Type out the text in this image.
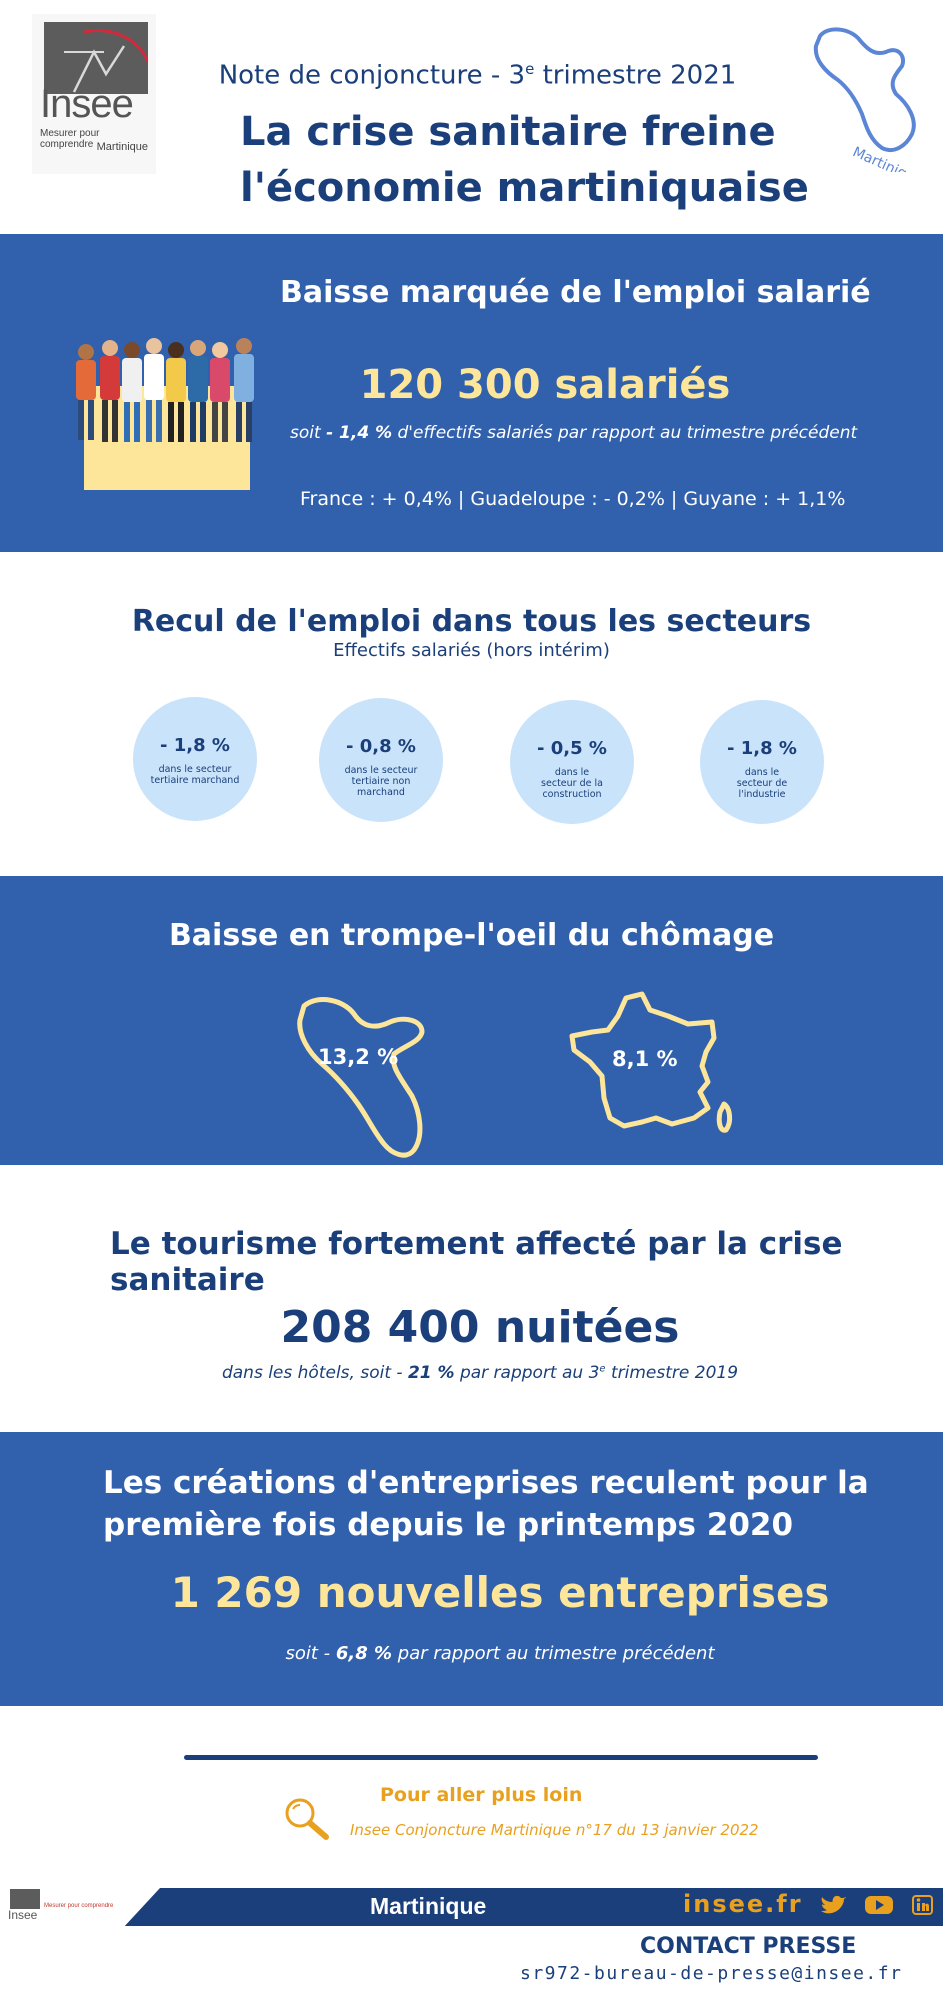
Insee
Mesurer pour comprendre Martinique
Note de conjoncture - 3e trimestre 2021
La crise sanitaire freine
l'économie martiniquaise	Martinique
Baisse marquée de l'emploi salarié
120 300 salariés
soit - 1,4 % d'effectifs salariés par rapport au trimestre précédent
France : + 0,4% | Guadeloupe : - 0,2% | Guyane : + 1,1%
Recul de l'emploi dans tous les secteurs
Effectifs salariés (hors intérim)
- 1,8 %
dans le secteur tertiaire marchand
- 0,8 %
dans le secteur tertiaire non marchand
- 0,5 %
dans le secteur de la construction
- 1,8 %
dans le secteur de l'industrie
Baisse en trompe-l'oeil du chômage
13,2 %	8,1 %
Le tourisme fortement affecté par la crise sanitaire
208 400 nuitées
dans les hôtels, soit - 21 % par rapport au 3e trimestre 2019
Les créations d'entreprises reculent pour la première fois depuis le printemps 2020
1 269 nouvelles entreprises
soit - 6,8 % par rapport au trimestre précédent
Pour aller plus loin
Insee Conjoncture Martinique n°17 du 13 janvier 2022
Insee
Mesurer pour comprendre	Martinique	insee.fr
CONTACT PRESSE
sr972-bureau-de-presse@insee.fr
